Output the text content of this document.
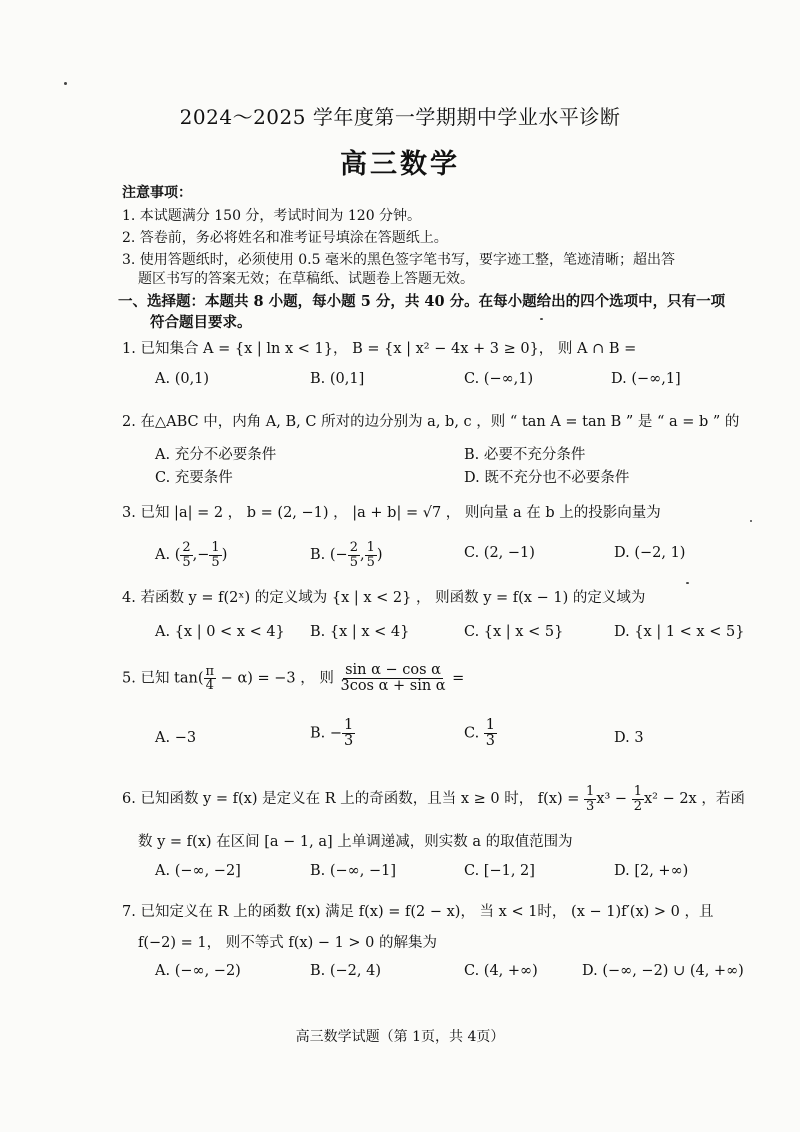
2024～2025 学年度第一学期期中学业水平诊断
高三数学
注意事项：
1. 本试题满分 150 分，考试时间为 120 分钟。
2. 答卷前，务必将姓名和准考证号填涂在答题纸上。
3. 使用答题纸时，必须使用 0.5 毫米的黑色签字笔书写，要字迹工整，笔迹清晰；超出答
题区书写的答案无效；在草稿纸、试题卷上答题无效。
一、选择题：本题共 8 小题，每小题 5 分，共 40 分。在每小题给出的四个选项中，只有一项
符合题目要求。
1. 已知集合 A = {x | ln x < 1}， B = {x | x² − 4x + 3 ≥ 0}， 则 A ∩ B =
A. (0,1)	B. (0,1]	C. (−∞,1)	D. (−∞,1]
2. 在△ABC 中，内角 A, B, C 所对的边分别为 a, b, c ，则 “ tan A = tan B ” 是 “ a = b ” 的
A. 充分不必要条件	B. 必要不充分条件
C. 充要条件	D. 既不充分也不必要条件
3. 已知 |a| = 2 ， b = (2, −1) ， |a + b| = √7 ， 则向量 a 在 b 上的投影向量为
A. ( $\frac{2}{5}$ ,− $\frac{1}{5}$ )	B. (− $\frac{2}{5}$ , $\frac{1}{5}$ )	C. (2, −1)	D. (−2, 1)
4. 若函数 y = f(2ˣ) 的定义域为 {x | x < 2} ， 则函数 y = f(x − 1) 的定义域为
A. {x | 0 < x < 4} B. {x | x < 4}	C. {x | x < 5}	D. {x | 1 < x < 5}
5. 已知 $\tan( \frac{\pi}{4} - \alpha) = -3$ ， 则 $\frac{\text{sin α − cos α}}{\text{3cos α + sin α}}$ =
A. −3	B. − $\frac{1}{3}$	C. $\frac{1}{3}$	D. 3
6. 已知函数 y = f(x) 是定义在 R 上的奇函数，且当 x ≥ 0 时， $f(x) = \frac{1}{3} x^3 - \frac{1}{2} x^2 - 2x$ ，若函
数 y = f(x) 在区间 [a − 1, a] 上单调递减，则实数 a 的取值范围为
A. (−∞, −2]	B. (−∞, −1]	C. [−1, 2]	D. [2, +∞)
7. 已知定义在 R 上的函数 f(x) 满足 f(x) = f(2 − x)， 当 x < 1时， (x − 1)f′(x) > 0 ，且
f(−2) = 1， 则不等式 f(x) − 1 > 0 的解集为
A. (−∞, −2)	B. (−2, 4)	C. (4, +∞)	D. (−∞, −2) ∪ (4, +∞)
高三数学试题（第 1页，共 4页）
